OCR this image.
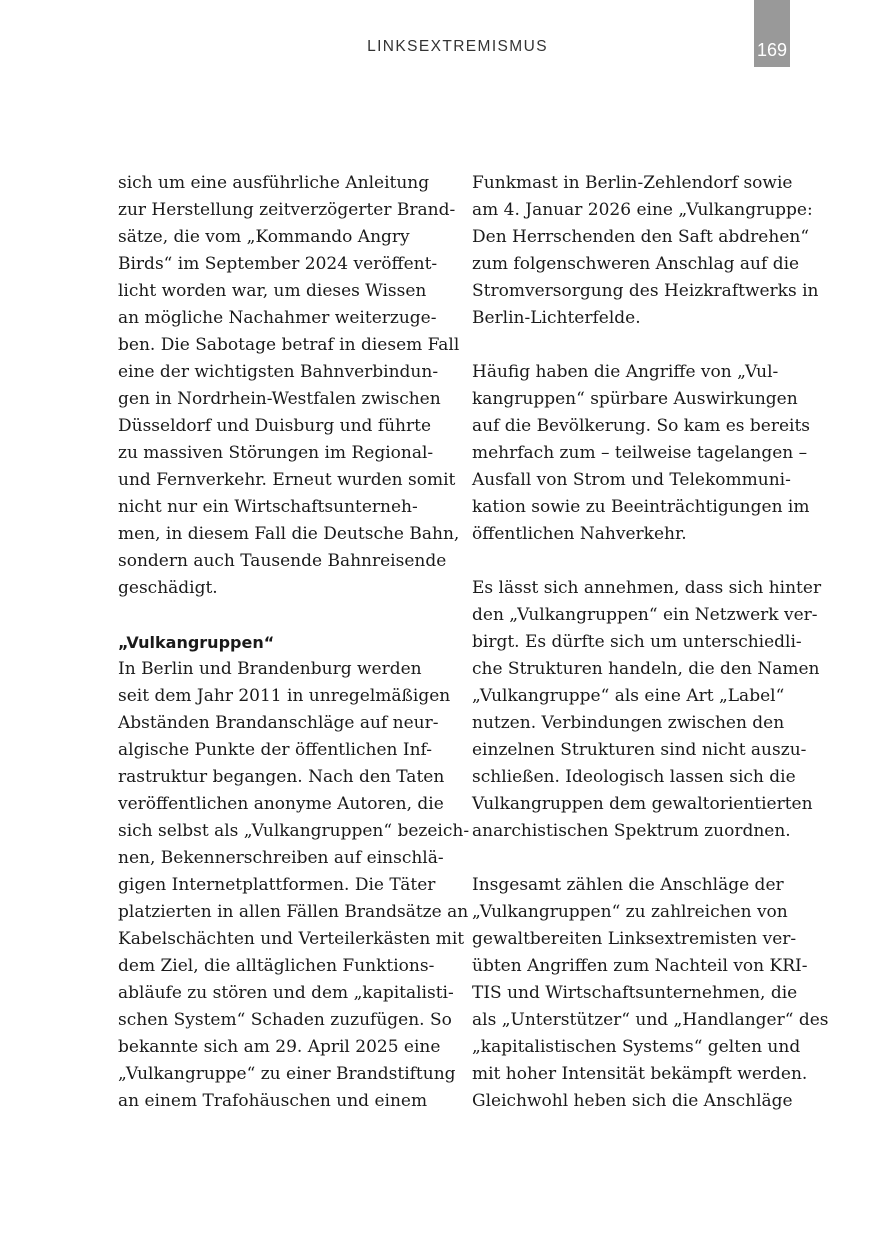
LINKSEXTREMISMUS	169
sich um eine ausführliche Anleitung
zur Herstellung zeitverzögerter Brand-
sätze, die vom „Kommando Angry
Birds“ im September 2024 veröffent-
licht worden war, um dieses Wissen
an mögliche Nachahmer weiterzuge-
ben. Die Sabotage betraf in diesem Fall
eine der wichtigsten Bahnverbindun-
gen in Nordrhein-Westfalen zwischen
Düsseldorf und Duisburg und führte
zu massiven Störungen im Regional-
und Fernverkehr. Erneut wurden somit
nicht nur ein Wirtschaftsunterneh-
men, in diesem Fall die Deutsche Bahn,
sondern auch Tausende Bahnreisende
geschädigt.
„Vulkangruppen“
In Berlin und Brandenburg werden
seit dem Jahr 2011 in unregelmäßigen
Abständen Brandanschläge auf neur-
algische Punkte der öffentlichen Inf-
rastruktur begangen. Nach den Taten
veröffentlichen anonyme Autoren, die
sich selbst als „Vulkangruppen“ bezeich-
nen, Bekennerschreiben auf einschlä-
gigen Internetplattformen. Die Täter
platzierten in allen Fällen Brandsätze an
Kabelschächten und Verteilerkästen mit
dem Ziel, die alltäglichen Funktions-
abläufe zu stören und dem „kapitalisti-
schen System“ Schaden zuzufügen. So
bekannte sich am 29. April 2025 eine
„Vulkangruppe“ zu einer Brandstiftung
an einem Trafohäuschen und einem
Funkmast in Berlin-Zehlendorf sowie
am 4. Januar 2026 eine „Vulkangruppe:
Den Herrschenden den Saft abdrehen“
zum folgenschweren Anschlag auf die
Stromversorgung des Heizkraftwerks in
Berlin-Lichterfelde.
Häufig haben die Angriffe von „Vul-
kangruppen“ spürbare Auswirkungen
auf die Bevölkerung. So kam es bereits
mehrfach zum – teilweise tagelangen –
Ausfall von Strom und Telekommuni-
kation sowie zu Beeinträchtigungen im
öffentlichen Nahverkehr.
Es lässt sich annehmen, dass sich hinter
den „Vulkangruppen“ ein Netzwerk ver-
birgt. Es dürfte sich um unterschiedli-
che Strukturen handeln, die den Namen
„Vulkangruppe“ als eine Art „Label“
nutzen. Verbindungen zwischen den
einzelnen Strukturen sind nicht auszu-
schließen. Ideologisch lassen sich die
Vulkangruppen dem gewaltorientierten
anarchistischen Spektrum zuordnen.
Insgesamt zählen die Anschläge der
„Vulkangruppen“ zu zahlreichen von
gewaltbereiten Linksextremisten ver-
übten Angriffen zum Nachteil von KRI-
TIS und Wirtschaftsunternehmen, die
als „Unterstützer“ und „Handlanger“ des
„kapitalistischen Systems“ gelten und
mit hoher Intensität bekämpft werden.
Gleichwohl heben sich die Anschläge
